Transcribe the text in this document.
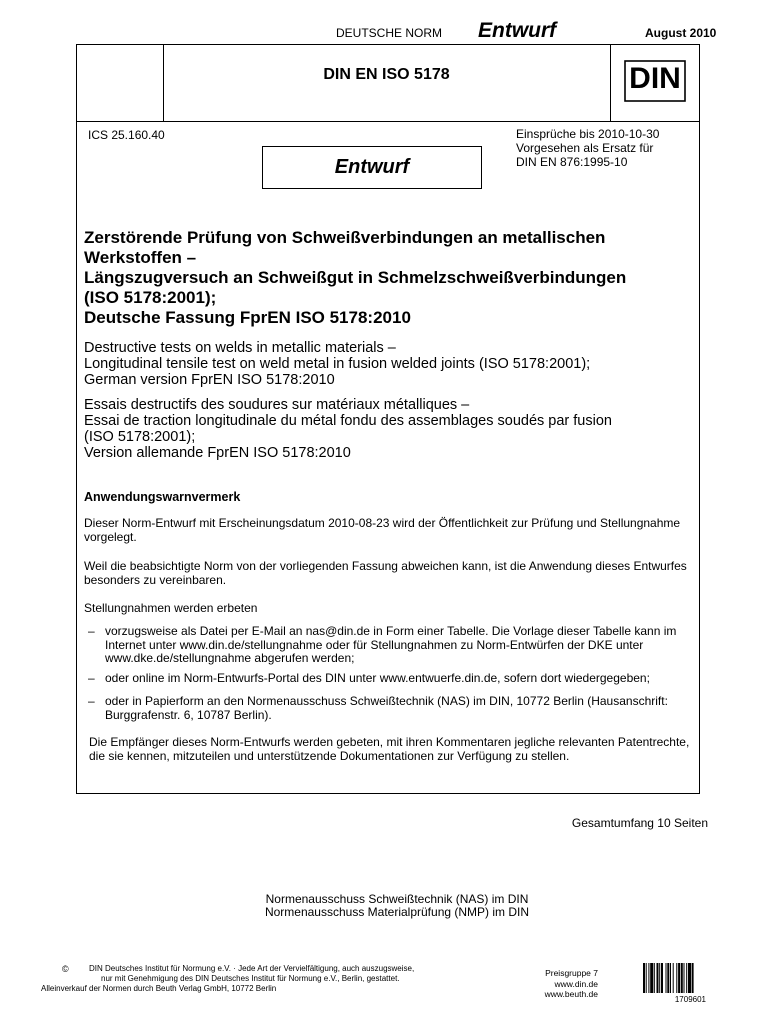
DEUTSCHE NORM Entwurf	August 2010
DIN EN ISO 5178	DIN
ICS 25.160.40	Einsprüche bis 2010-10-30
Vorgesehen als Ersatz für
DIN EN 876:1995-10
Entwurf
Zerstörende Prüfung von Schweißverbindungen an metallischen
Werkstoffen –
Längszugversuch an Schweißgut in Schmelzschweißverbindungen
(ISO 5178:2001);
Deutsche Fassung FprEN ISO 5178:2010
Destructive tests on welds in metallic materials –
Longitudinal tensile test on weld metal in fusion welded joints (ISO 5178:2001);
German version FprEN ISO 5178:2010
Essais destructifs des soudures sur matériaux métalliques –
Essai de traction longitudinale du métal fondu des assemblages soudés par fusion
(ISO 5178:2001);
Version allemande FprEN ISO 5178:2010
Anwendungswarnvermerk
Dieser Norm-Entwurf mit Erscheinungsdatum 2010-08-23 wird der Öffentlichkeit zur Prüfung und Stellungnahme vorgelegt.
Weil die beabsichtigte Norm von der vorliegenden Fassung abweichen kann, ist die Anwendung dieses Entwurfes besonders zu vereinbaren.
Stellungnahmen werden erbeten
– vorzugsweise als Datei per E-Mail an nas@din.de in Form einer Tabelle. Die Vorlage dieser Tabelle kann im Internet unter www.din.de/stellungnahme oder für Stellungnahmen zu Norm-Entwürfen der DKE unter www.dke.de/stellungnahme abgerufen werden;
– oder online im Norm-Entwurfs-Portal des DIN unter www.entwuerfe.din.de, sofern dort wiedergegeben;
– oder in Papierform an den Normenausschuss Schweißtechnik (NAS) im DIN, 10772 Berlin (Hausanschrift: Burggrafenstr. 6, 10787 Berlin).
Die Empfänger dieses Norm-Entwurfs werden gebeten, mit ihren Kommentaren jegliche relevanten Patentrechte, die sie kennen, mitzuteilen und unterstützende Dokumentationen zur Verfügung zu stellen.
Gesamtumfang 10 Seiten
Normenausschuss Schweißtechnik (NAS) im DIN
Normenausschuss Materialprüfung (NMP) im DIN
©	DIN Deutsches Institut für Normung e.V. · Jede Art der Vervielfältigung, auch auszugsweise,
nur mit Genehmigung des DIN Deutsches Institut für Normung e.V., Berlin, gestattet.
Alleinverkauf der Normen durch Beuth Verlag GmbH, 10772 Berlin
Preisgruppe 7
www.din.de
www.beuth.de
1709601
